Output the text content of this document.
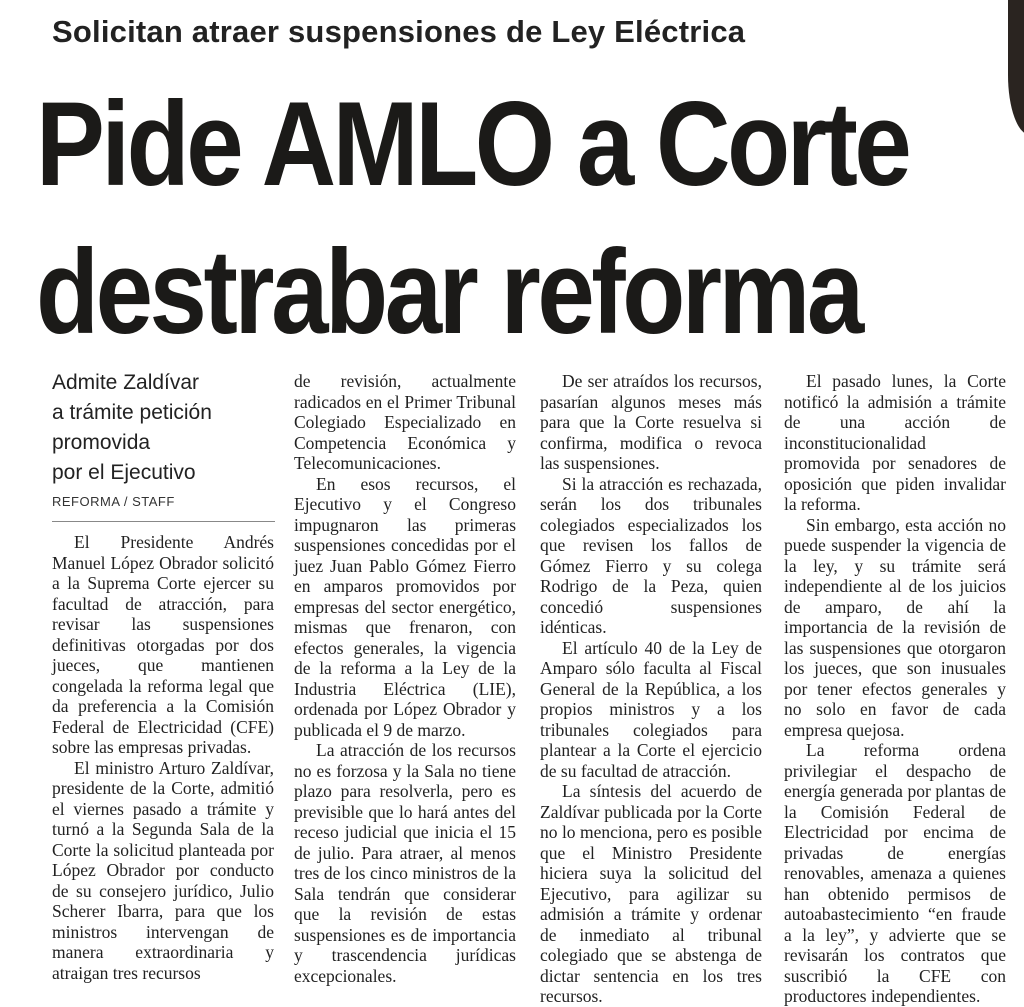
Solicitan atraer suspensiones de Ley Eléctrica
Pide AMLO a Corte
destrabar reforma
Admite Zaldívar
a trámite petición
promovida
por el Ejecutivo
REFORMA / STAFF

El Presidente Andrés Manuel López Obrador solicitó a la Suprema Corte ejercer su facultad de atracción, para revisar las suspensiones definitivas otorgadas por dos jueces, que mantienen congelada la reforma legal que da preferencia a la Comisión Federal de Electricidad (CFE) sobre las empresas privadas.

El ministro Arturo Zaldívar, presidente de la Corte, admitió el viernes pasado a trámite y turnó a la Segunda Sala de la Corte la solicitud planteada por López Obrador por conducto de su consejero jurídico, Julio Scherer Ibarra, para que los ministros intervengan de manera extraordinaria y atraigan tres recursos

de revisión, actualmente radicados en el Primer Tribunal Colegiado Especializado en Competencia Económica y Telecomunicaciones.

En esos recursos, el Ejecutivo y el Congreso impugnaron las primeras suspensiones concedidas por el juez Juan Pablo Gómez Fierro en amparos promovidos por empresas del sector energético, mismas que frenaron, con efectos generales, la vigencia de la reforma a la Ley de la Industria Eléctrica (LIE), ordenada por López Obrador y publicada el 9 de marzo.

La atracción de los recursos no es forzosa y la Sala no tiene plazo para resolverla, pero es previsible que lo hará antes del receso judicial que inicia el 15 de julio. Para atraer, al menos tres de los cinco ministros de la Sala tendrán que considerar que la revisión de estas suspensiones es de importancia y trascendencia jurídicas excepcionales.

De ser atraídos los recursos, pasarían algunos meses más para que la Corte resuelva si confirma, modifica o revoca las suspensiones.

Si la atracción es rechazada, serán los dos tribunales colegiados especializados los que revisen los fallos de Gómez Fierro y su colega Rodrigo de la Peza, quien concedió suspensiones idénticas.

El artículo 40 de la Ley de Amparo sólo faculta al Fiscal General de la República, a los propios ministros y a los tribunales colegiados para plantear a la Corte el ejercicio de su facultad de atracción.

La síntesis del acuerdo de Zaldívar publicada por la Corte no lo menciona, pero es posible que el Ministro Presidente hiciera suya la solicitud del Ejecutivo, para agilizar su admisión a trámite y ordenar de inmediato al tribunal colegiado que se abstenga de dictar sentencia en los tres recursos.

El pasado lunes, la Corte notificó la admisión a trámite de una acción de inconstitucionalidad promovida por senadores de oposición que piden invalidar la reforma.

Sin embargo, esta acción no puede suspender la vigencia de la ley, y su trámite será independiente al de los juicios de amparo, de ahí la importancia de la revisión de las suspensiones que otorgaron los jueces, que son inusuales por tener efectos generales y no solo en favor de cada empresa quejosa.

La reforma ordena privilegiar el despacho de energía generada por plantas de la Comisión Federal de Electricidad por encima de privadas de energías renovables, amenaza a quienes han obtenido permisos de autoabastecimiento “en fraude a la ley”, y advierte que se revisarán los contratos que suscribió la CFE con productores independientes.
